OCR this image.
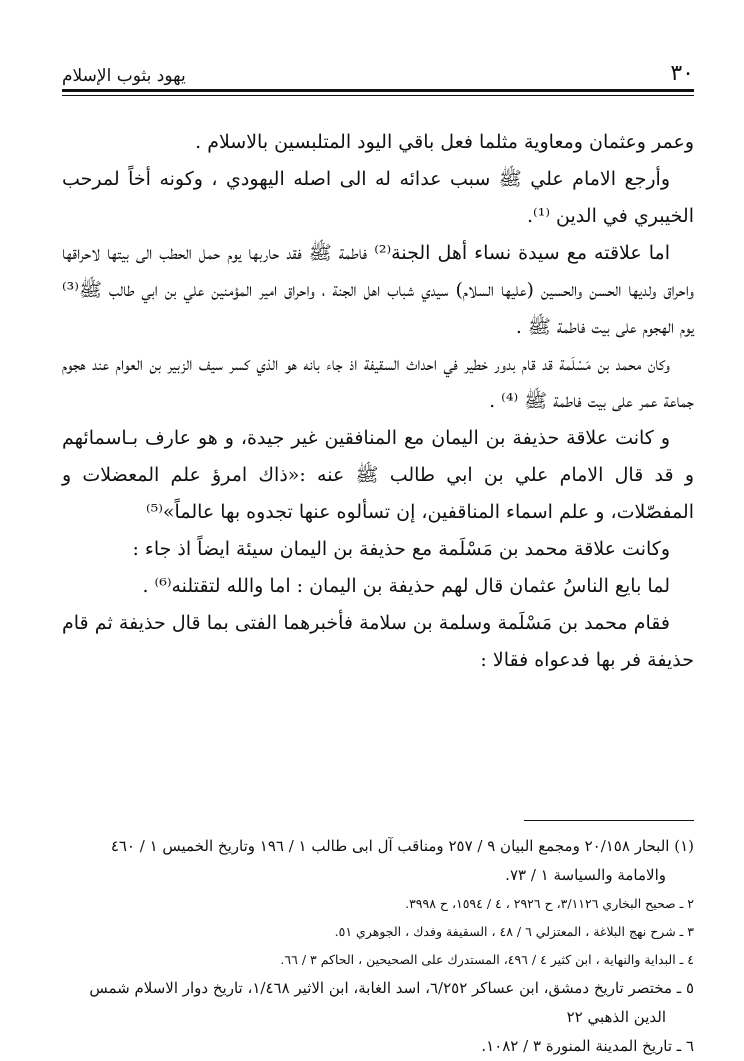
٣٠
يهود بثوب الإسلام

وعمر وعثمان ومعاوية مثلما فعل باقي اليود المتلبسين بالاسلام .

وأرجع الامام علي ﷺ سبب عدائه له الى اصله اليهودي ، وكونه أخاً لمرحب الخيبري في الدين ⁽¹⁾.

اما علاقته مع سيدة نساء أهل الجنة⁽²⁾ فاطمة ﷺ فقد حاربها يوم حمل الحطب الى بيتها لاحراقها واحراق ولديها الحسن والحسين (عليها السلام) سيدي شباب اهل الجنة ، واحراق امير المؤمنين علي بن ابي طالب ﷺ⁽³⁾ يوم الهجوم على بيت فاطمة ﷺ .

وكان محمد بن مَسْلَمة قد قام بدور خطير في احداث السقيفة اذ جاء بانه هو الذي كسر سيف الزبير بن العوام عند هجوم جماعة عمر على بيت فاطمة ﷺ ⁽⁴⁾ .

و كانت علاقة حذيفة بن اليمان مع المنافقين غير جيدة، و هو عارف بـاسمائهم و قد قال الامام علي بن ابي طالب ﷺ عنه :«ذاك امرؤ علم المعضلات و المفصّلات، و علم اسماء المناقفين، إن تسألوه عنها تجدوه بها عالماً»⁽⁵⁾

وكانت علاقة محمد بن مَسْلَمة مع حذيفة بن اليمان سيئة ايضاً اذ جاء :

لما بايع الناسُ عثمان قال لهم حذيفة بن اليمان : اما والله لتقتلنه⁽⁶⁾ .

فقام محمد بن مَسْلَمة وسلمة بن سلامة فأخبرهما الفتى بما قال حذيفة ثم قام حذيفة فر بها فدعواه فقالا :

(١) البحار ٢٠/١٥٨ ومجمع البيان ٩ / ٢٥٧ ومناقب آل ابى طالب ١ / ١٩٦ وتاريخ الخميس ١ / ٤٦٠ والامامة والسياسة ١ / ٧٣.

٢ ـ صحيح البخاري ٣/١١٢٦، ح ٢٩٢٦ ، ٤ / ١٥٩٤، ح ٣٩٩٨.

٣ ـ شرح نهج البلاغة ، المعتزلي ٦ / ٤٨ ، السقيفة وفدك ، الجوهري ٥١.

٤ ـ البداية والنهاية ، ابن كثير ٤ / ٤٩٦، المستدرك على الصحيحين ، الحاكم ٣ / ٦٦.

٥ ـ مختصر تاريخ دمشق، ابن عساكر ٦/٢٥٢، اسد الغابة، ابن الاثير ١/٤٦٨، تاريخ دوار الاسلام شمس الدين الذهبي ٢٢

٦ ـ تاريخ المدينة المنورة ٣ / ١٠٨٢.
